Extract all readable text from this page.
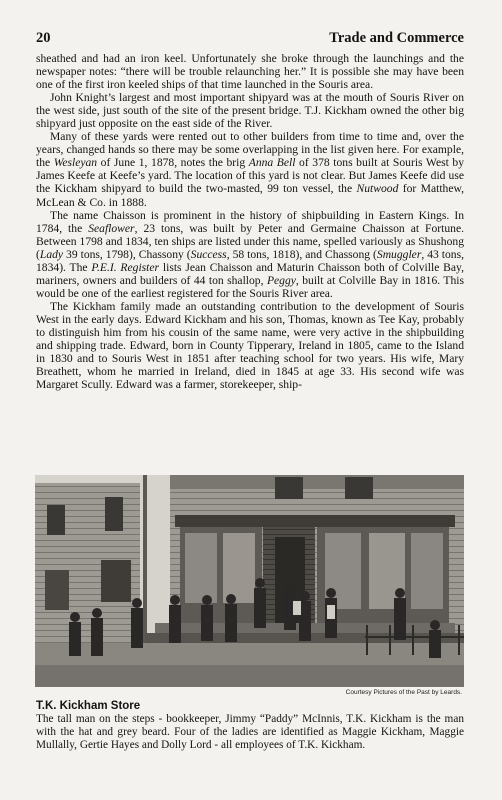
20	Trade and Commerce

sheathed and had an iron keel. Unfortunately she broke through the launchings and the newspaper notes: “there will be trouble relaunching her.” It is possible she may have been one of the first iron keeled ships of that time launched in the Souris area.

John Knight’s largest and most important shipyard was at the mouth of Souris River on the west side, just south of the site of the present bridge. T.J. Kickham owned the other big shipyard just opposite on the east side of the River.

Many of these yards were rented out to other builders from time to time and, over the years, changed hands so there may be some overlapping in the list given here. For example, the Wesleyan of June 1, 1878, notes the brig Anna Bell of 378 tons built at Souris West by James Keefe at Keefe’s yard. The location of this yard is not clear. But James Keefe did use the Kickham shipyard to build the two-masted, 99 ton vessel, the Nutwood for Matthew, McLean & Co. in 1888.

The name Chaisson is prominent in the history of shipbuilding in Eastern Kings. In 1784, the Seaflower, 23 tons, was built by Peter and Germaine Chaisson at Fortune. Between 1798 and 1834, ten ships are listed under this name, spelled variously as Shushong (Lady 39 tons, 1798), Chassony (Success, 58 tons, 1818), and Chassong (Smuggler, 43 tons, 1834). The P.E.I. Register lists Jean Chaisson and Maturin Chaisson both of Colville Bay, mariners, owners and builders of 44 ton shallop, Peggy, built at Colville Bay in 1816. This would be one of the earliest registered for the Souris River area.

The Kickham family made an outstanding contribution to the development of Souris West in the early days. Edward Kickham and his son, Thomas, known as Tee Kay, probably to distinguish him from his cousin of the same name, were very active in the shipbuilding and shipping trade. Edward, born in County Tipperary, Ireland in 1805, came to the Island in 1830 and to Souris West in 1851 after teaching school for two years. His wife, Mary Breathett, whom he married in Ireland, died in 1845 at age 33. His second wife was Margaret Scully. Edward was a farmer, storekeeper, ship-

Courtesy Pictures of the Past by Leards.
T.K. Kickham Store
The tall man on the steps - bookkeeper, Jimmy “Paddy” McInnis, T.K. Kickham is the man with the hat and grey beard. Four of the ladies are identified as Maggie Kickham, Maggie Mullally, Gertie Hayes and Dolly Lord - all employees of T.K. Kickham.
